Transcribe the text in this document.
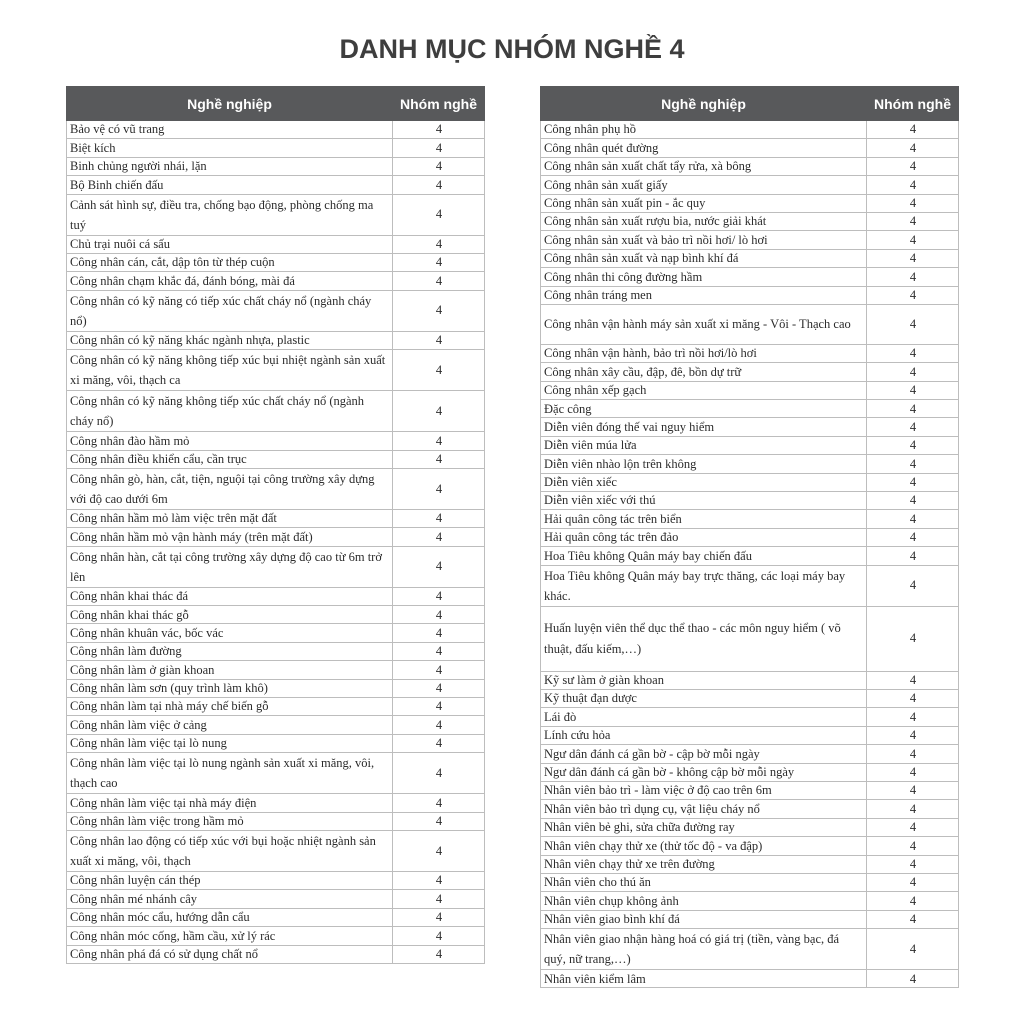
DANH MỤC NHÓM NGHỀ 4
Nghề nghiệp	Nhóm nghề
Bảo vệ có vũ trang	4
Biệt kích	4
Binh chủng người nhái, lặn	4
Bộ Binh chiến đấu	4
Cảnh sát hình sự, điều tra, chống bạo động, phòng chống ma tuý	4
Chủ trại nuôi cá sấu	4
Công nhân cán, cắt, dập tôn từ thép cuộn	4
Công nhân chạm khắc đá, đánh bóng, mài đá	4
Công nhân có kỹ năng có tiếp xúc chất cháy nổ (ngành cháy nổ)	4
Công nhân có kỹ năng khác ngành nhựa, plastic	4
Công nhân có kỹ năng không tiếp xúc bụi nhiệt ngành sản xuất xi măng, vôi, thạch ca	4
Công nhân có kỹ năng không tiếp xúc chất cháy nổ (ngành cháy nổ)	4
Công nhân đào hầm mỏ	4
Công nhân điều khiển cẩu, cần trục	4
Công nhân gò, hàn, cắt, tiện, nguội tại công trường xây dựng với độ cao dưới 6m	4
Công nhân hầm mỏ làm việc trên mặt đất	4
Công nhân hầm mỏ vận hành máy (trên mặt đất)	4
Công nhân hàn, cắt tại công trường xây dựng độ cao từ 6m trở lên	4
Công nhân khai thác đá	4
Công nhân khai thác gỗ	4
Công nhân khuân vác, bốc vác	4
Công nhân làm đường	4
Công nhân làm ở giàn khoan	4
Công nhân làm sơn (quy trình làm khô)	4
Công nhân làm tại nhà máy chế biến gỗ	4
Công nhân làm việc ở cảng	4
Công nhân làm việc tại lò nung	4
Công nhân làm việc tại lò nung ngành sản xuất xi măng, vôi, thạch cao	4
Công nhân làm việc tại nhà máy điện	4
Công nhân làm việc trong hầm mỏ	4
Công nhân lao động có tiếp xúc với bụi hoặc nhiệt ngành sản xuất xi măng, vôi, thạch	4
Công nhân luyện cán thép	4
Công nhân mé nhánh cây	4
Công nhân móc cẩu, hướng dẫn cẩu	4
Công nhân móc cống, hầm cầu, xử lý rác	4
Công nhân phá đá có sử dụng chất nổ	4
Nghề nghiệp	Nhóm nghề
Công nhân phụ hồ	4
Công nhân quét đường	4
Công nhân sản xuất chất tẩy rửa, xà bông	4
Công nhân sản xuất giấy	4
Công nhân sản xuất pin - ắc quy	4
Công nhân sản xuất rượu bia, nước giải khát	4
Công nhân sản xuất và bảo trì nồi hơi/ lò hơi	4
Công nhân sản xuất và nạp bình khí đá	4
Công nhân thi công đường hầm	4
Công nhân tráng men	4
Công nhân vận hành máy sản xuất xi măng - Vôi - Thạch cao	4
Công nhân vận hành, bảo trì nồi hơi/lò hơi	4
Công nhân xây cầu, đập, đê, bồn dự trữ	4
Công nhân xếp gạch	4
Đặc công	4
Diễn viên đóng thế vai nguy hiểm	4
Diễn viên múa lửa	4
Diễn viên nhào lộn trên không	4
Diễn viên xiếc	4
Diễn viên xiếc với thú	4
Hải quân công tác trên biển	4
Hải quân công tác trên đảo	4
Hoa Tiêu không Quân máy bay chiến đấu	4
Hoa Tiêu không Quân máy bay trực thăng, các loại máy bay khác.	4
Huấn luyện viên thể dục thể thao - các môn nguy hiểm ( võ thuật, đấu kiếm,…)	4
Kỹ sư làm ở giàn khoan	4
Kỹ thuật đạn dược	4
Lái đò	4
Lính cứu hỏa	4
Ngư dân đánh cá gần bờ - cập bờ mỗi ngày	4
Ngư dân đánh cá gần bờ - không cập bờ mỗi ngày	4
Nhân viên bảo trì - làm việc ở độ cao trên 6m	4
Nhân viên bảo trì dụng cụ, vật liệu cháy nổ	4
Nhân viên bẻ ghi, sửa chữa đường ray	4
Nhân viên chạy thử xe (thử tốc độ - va đập)	4
Nhân viên chạy thử xe trên đường	4
Nhân viên cho thú ăn	4
Nhân viên chụp không ảnh	4
Nhân viên giao bình khí đá	4
Nhân viên giao nhận hàng hoá có giá trị (tiền, vàng bạc, đá quý, nữ trang,…)	4
Nhân viên kiểm lâm	4
